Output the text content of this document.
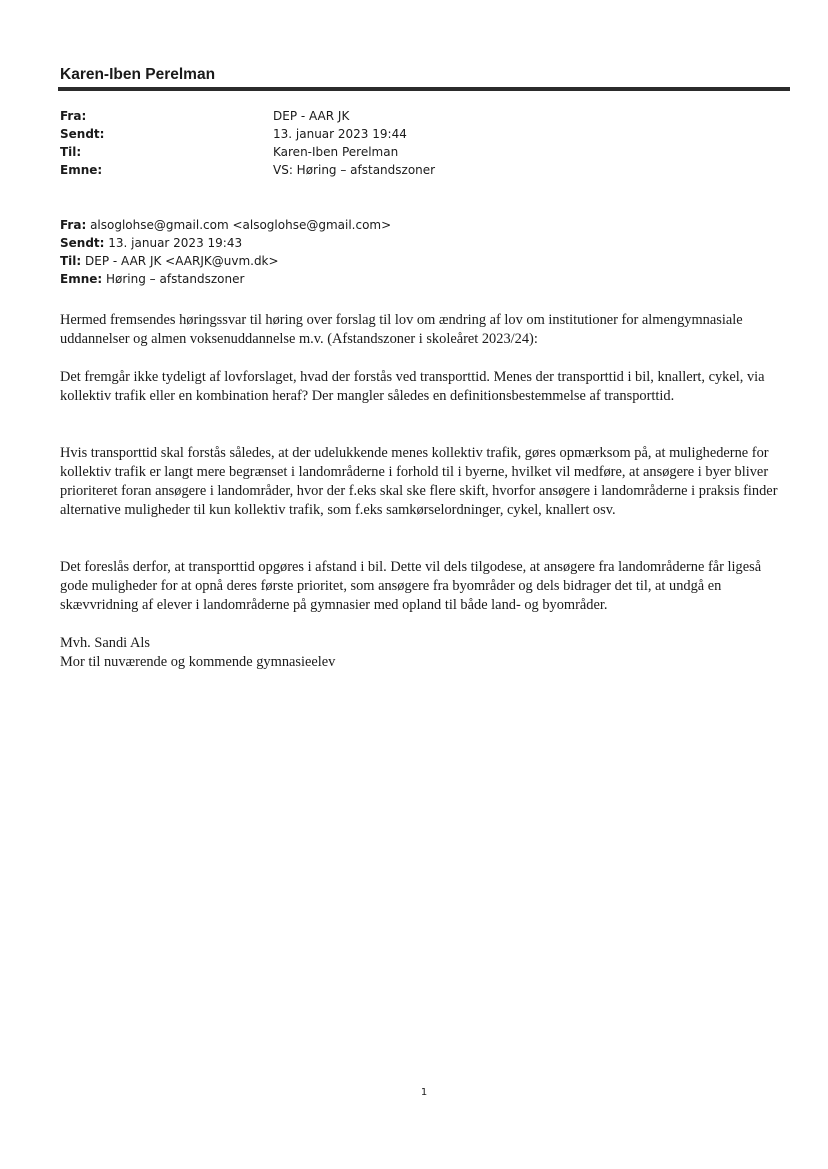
Karen-Iben Perelman
Fra:	DEP - AAR JK
Sendt:	13. januar 2023 19:44
Til:	Karen-Iben Perelman
Emne:	VS: Høring – afstandszoner
Fra: alsoglohse@gmail.com <alsoglohse@gmail.com>
Sendt: 13. januar 2023 19:43
Til: DEP - AAR JK <AARJK@uvm.dk>
Emne: Høring – afstandszoner

Hermed fremsendes høringssvar til høring over forslag til lov om ændring af lov om institutioner for almengymnasiale uddannelser og almen voksenuddannelse m.v. (Afstandszoner i skoleåret 2023/24):

Det fremgår ikke tydeligt af lovforslaget, hvad der forstås ved transporttid. Menes der transporttid i bil, knallert, cykel, via kollektiv trafik eller en kombination heraf? Der mangler således en definitionsbestemmelse af transporttid.

Hvis transporttid skal forstås således, at der udelukkende menes kollektiv trafik, gøres opmærksom på, at mulighederne for kollektiv trafik er langt mere begrænset i landområderne i forhold til i byerne, hvilket vil medføre, at ansøgere i byer bliver prioriteret foran ansøgere i landområder, hvor der f.eks skal ske flere skift, hvorfor ansøgere i landområderne i praksis finder alternative muligheder til kun kollektiv trafik, som f.eks samkørselordninger, cykel, knallert osv.

Det foreslås derfor, at transporttid opgøres i afstand i bil. Dette vil dels tilgodese, at ansøgere fra landområderne får ligeså gode muligheder for at opnå deres første prioritet, som ansøgere fra byområder og dels bidrager det til, at undgå en skævvridning af elever i landområderne på gymnasier med opland til både land- og byområder.

Mvh. Sandi Als

Mor til nuværende og kommende gymnasieelev

1
